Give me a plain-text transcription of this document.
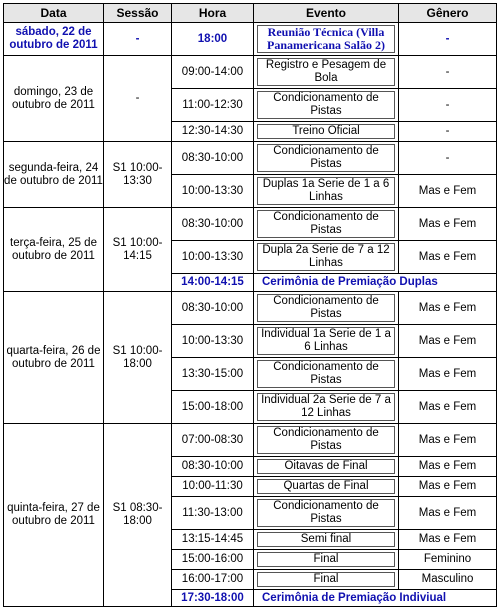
Data	Sessão	Hora	Evento	Gênero
sábado, 22 de outubro de 2011	-	18:00	Reunião Técnica (Villa Panamericana Salão 2)	-
domingo, 23 de outubro de 2011	-	09:00-14:00	Registro e Pesagem de Bola	-
		11:00-12:30	Condicionamento de Pistas	-
		12:30-14:30	Treino Oficial	-
segunda-feira, 24 de outubro de 2011	S1 10:00-13:30	08:30-10:00	Condicionamento de Pistas	-
		10:00-13:30	Duplas 1a Serie de 1 a 6 Linhas	Mas e Fem
terça-feira, 25 de outubro de 2011	S1 10:00-14:15	08:30-10:00	Condicionamento de Pistas	Mas e Fem
		10:00-13:30	Dupla 2a Serie de 7 a 12 Linhas	Mas e Fem
		14:00-14:15	Cerimônia de Premiação Duplas	
quarta-feira, 26 de outubro de 2011	S1 10:00-18:00	08:30-10:00	Condicionamento de Pistas	Mas e Fem
		10:00-13:30	Individual 1a Serie de 1 a 6 Linhas	Mas e Fem
		13:30-15:00	Condicionamento de Pistas	Mas e Fem
		15:00-18:00	Individual 2a Serie de 7 a 12 Linhas	Mas e Fem
quinta-feira, 27 de outubro de 2011	S1 08:30-18:00	07:00-08:30	Condicionamento de Pistas	Mas e Fem
		08:30-10:00	Oitavas de Final	Mas e Fem
		10:00-11:30	Quartas de Final	Mas e Fem
		11:30-13:00	Condicionamento de Pistas	Mas e Fem
		13:15-14:45	Semi final	Mas e Fem
		15:00-16:00	Final	Feminino
		16:00-17:00	Final	Masculino
		17:30-18:00	Cerimônia de Premiação Indiviual	
